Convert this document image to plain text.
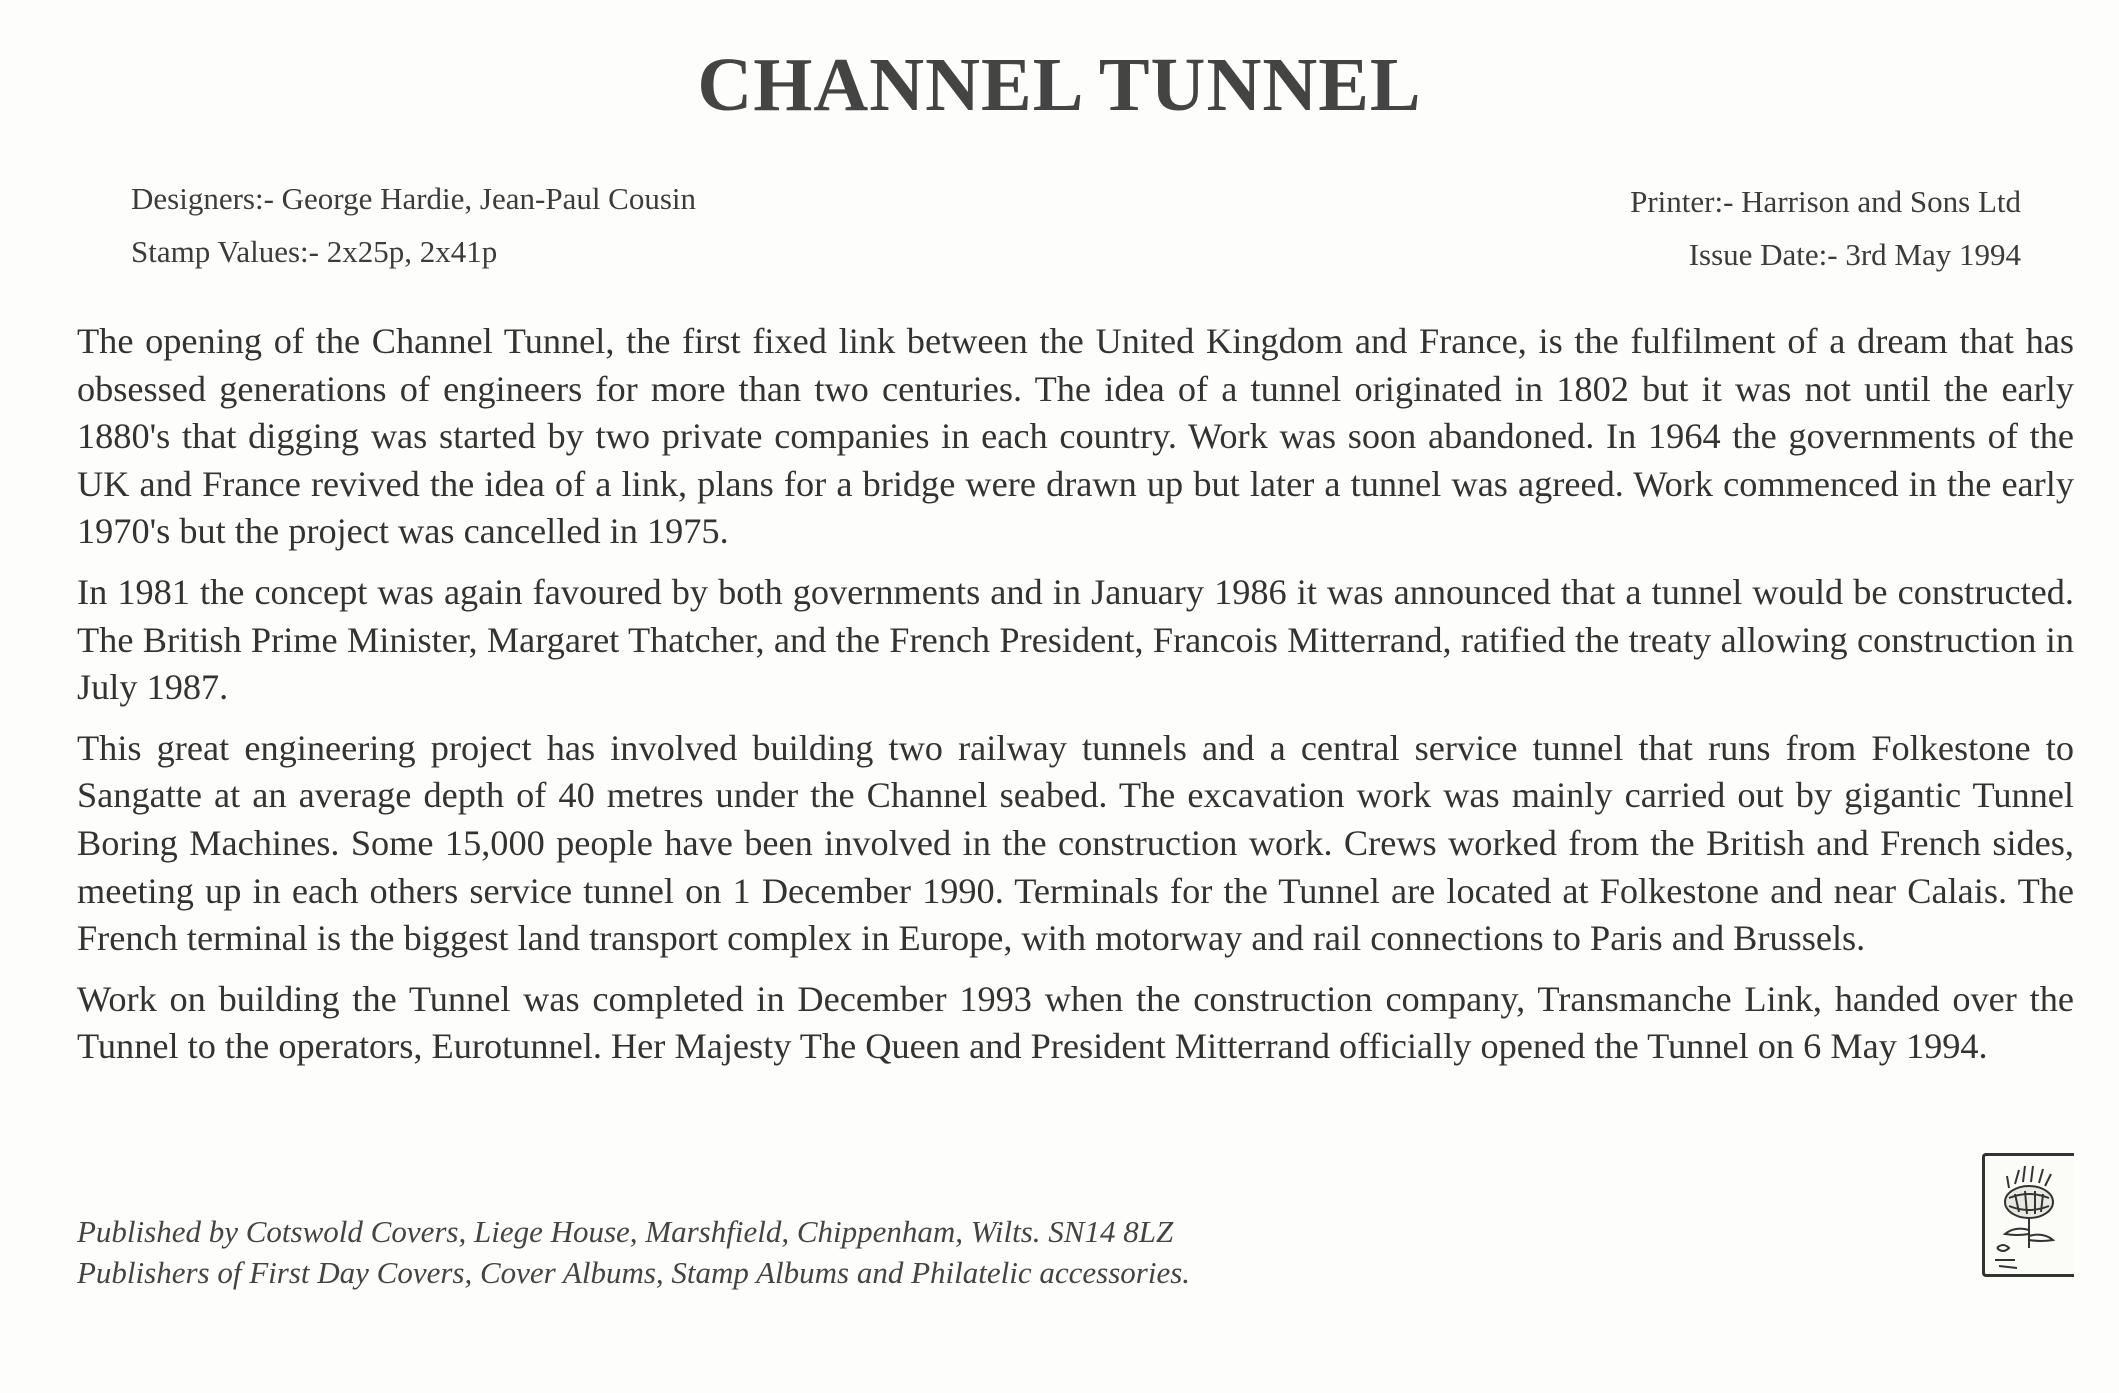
CHANNEL TUNNEL
Designers:- George Hardie, Jean-Paul Cousin
Stamp Values:- 2x25p, 2x41p
Printer:- Harrison and Sons Ltd
Issue Date:- 3rd May 1994

The opening of the Channel Tunnel, the first fixed link between the United Kingdom and France, is the fulfilment of a dream that has obsessed generations of engineers for more than two centuries. The idea of a tunnel originated in 1802 but it was not until the early 1880's that digging was started by two private companies in each country. Work was soon abandoned. In 1964 the governments of the UK and France revived the idea of a link, plans for a bridge were drawn up but later a tunnel was agreed. Work commenced in the early 1970's but the project was cancelled in 1975.

In 1981 the concept was again favoured by both governments and in January 1986 it was announced that a tunnel would be constructed. The British Prime Minister, Margaret Thatcher, and the French President, Francois Mitterrand, ratified the treaty allowing construction in July 1987.

This great engineering project has involved building two railway tunnels and a central service tunnel that runs from Folkestone to Sangatte at an average depth of 40 metres under the Channel seabed. The excavation work was mainly carried out by gigantic Tunnel Boring Machines. Some 15,000 people have been involved in the construction work. Crews worked from the British and French sides, meeting up in each others service tunnel on 1 December 1990. Terminals for the Tunnel are located at Folkestone and near Calais. The French terminal is the biggest land transport complex in Europe, with motorway and rail connections to Paris and Brussels.

Work on building the Tunnel was completed in December 1993 when the construction company, Transmanche Link, handed over the Tunnel to the operators, Eurotunnel. Her Majesty The Queen and President Mitterrand officially opened the Tunnel on 6 May 1994.

Published by Cotswold Covers, Liege House, Marshfield, Chippenham, Wilts. SN14 8LZ
Publishers of First Day Covers, Cover Albums, Stamp Albums and Philatelic accessories.
